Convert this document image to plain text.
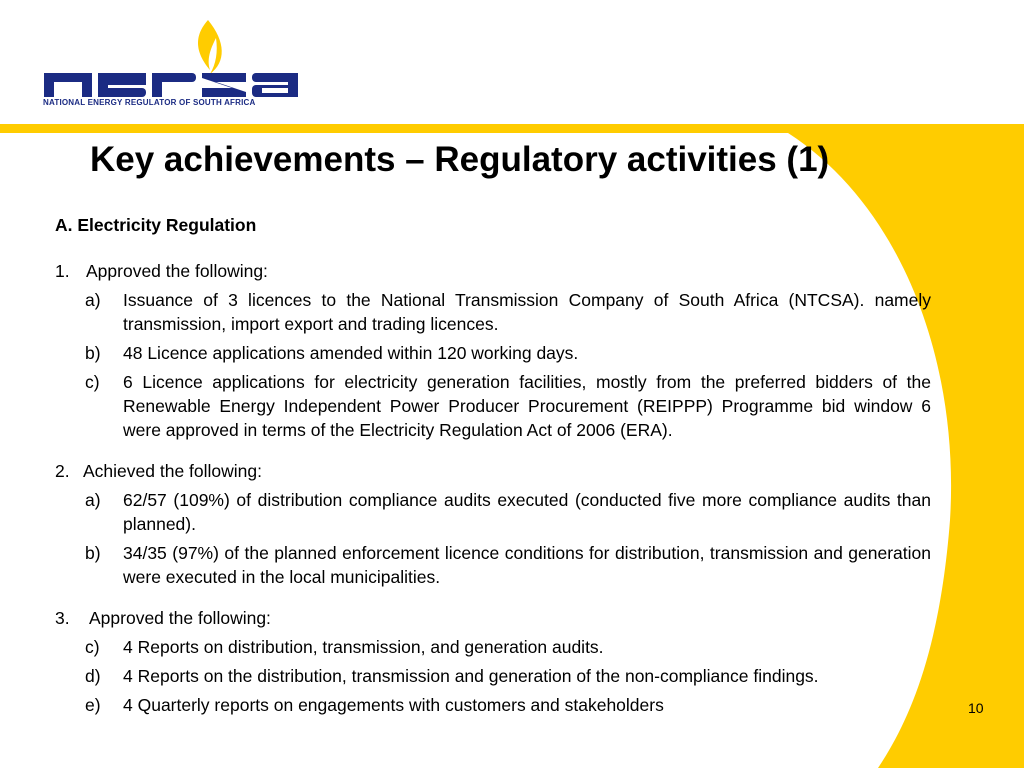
NATIONAL ENERGY REGULATOR OF SOUTH AFRICA
Key achievements – Regulatory activities (1)

A. Electricity Regulation

1. Approved the following:

a)	Issuance of 3 licences to the National Transmission Company of South Africa (NTCSA). namely transmission, import export and trading licences.
b)	48 Licence applications amended within 120 working days.
c)	6 Licence applications for electricity generation facilities, mostly from the preferred bidders of the Renewable Energy Independent Power Producer Procurement (REIPPP) Programme bid window 6 were approved in terms of the Electricity Regulation Act of 2006 (ERA).

2. Achieved the following:

a)	62/57 (109%) of distribution compliance audits executed (conducted five more compliance audits than planned).
b)	34/35 (97%) of the planned enforcement licence conditions for distribution, transmission and generation were executed in the local municipalities.

3.	Approved the following:

c)	4 Reports on distribution, transmission, and generation audits.
d)	4 Reports on the distribution, transmission and generation of the non-compliance findings.
e)	4 Quarterly reports on engagements with customers and stakeholders	10
